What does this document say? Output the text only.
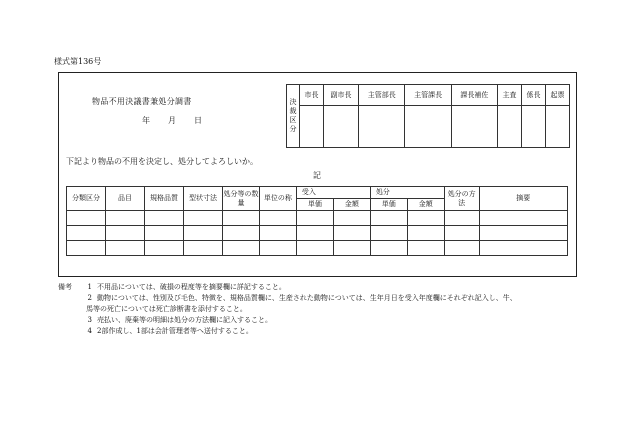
様式第136号
物品不用決議書兼処分調書
年 月 日
決裁区分	市長	副市長	主管部長	主管課長	課長補佐	主査	係長	起票

下記より物品の不用を決定し、処分してよろしいか。
記
分類区分	品目	規格品質	型状寸法	処分等の数量	単位の称	受入		処分		処分の方法	摘要
						単価	金額	単価	金額		

備考	1 不用品については、破損の程度等を摘要欄に詳記すること。
2 動物については、性別及び毛色、特徴を、規格品質欄に、生産された動物については、生年月日を受入年度欄にそれぞれ記入し、牛、
馬等の死亡については死亡診断書を添付すること。
3 売払い、廃棄等の明細は処分の方法欄に記入すること。
4 2部作成し、1部は会計管理者等へ送付すること。
